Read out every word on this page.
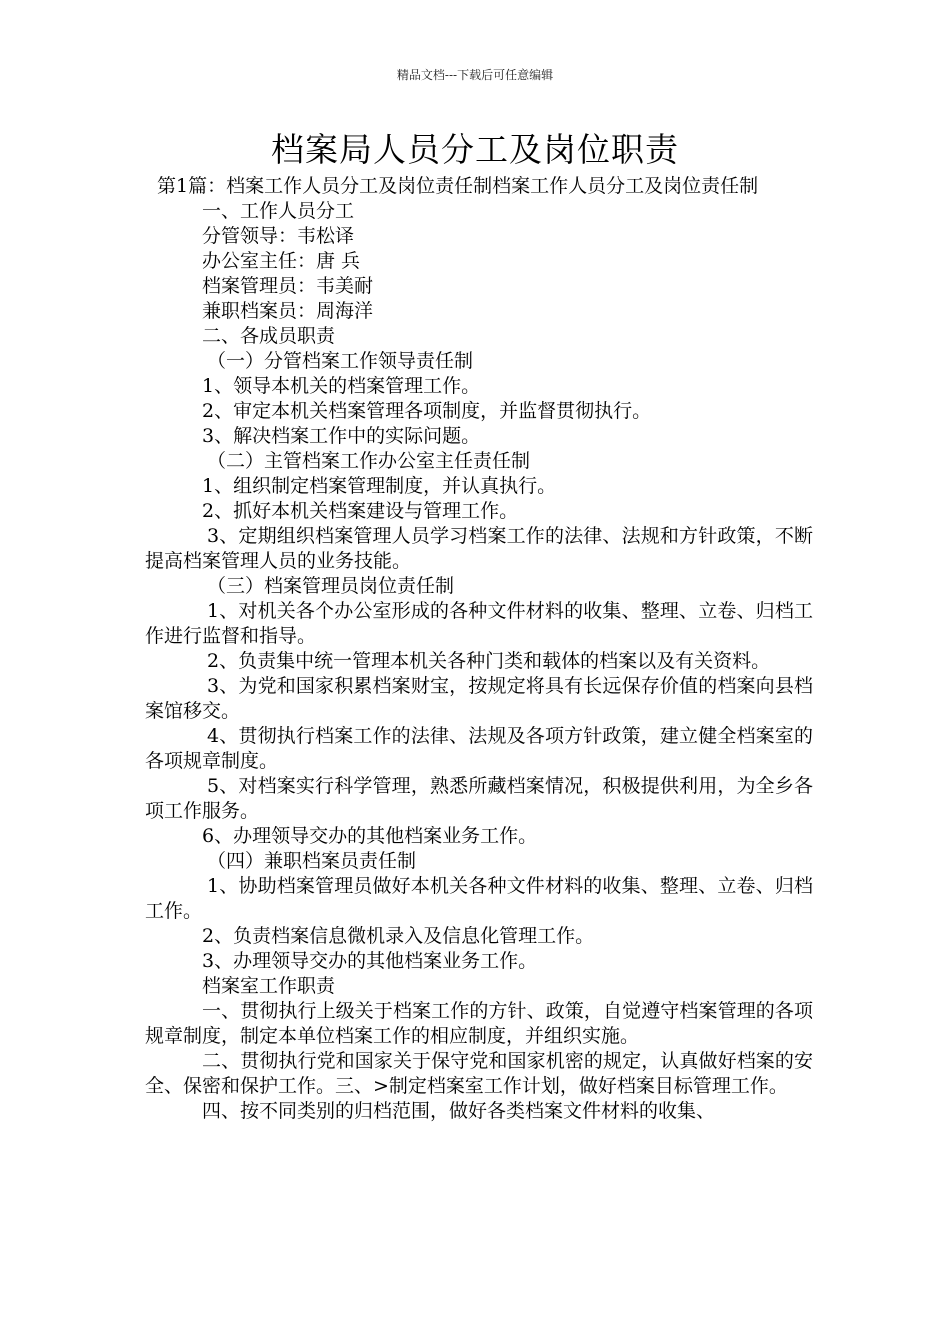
精品文档---下载后可任意编辑
档案局人员分工及岗位职责

第1篇：档案工作人员分工及岗位责任制档案工作人员分工及岗位责任制

一、工作人员分工

分管领导：韦松译

办公室主任：唐 兵

档案管理员：韦美耐

兼职档案员：周海洋

二、各成员职责

（一）分管档案工作领导责任制

1、领导本机关的档案管理工作。

2、审定本机关档案管理各项制度，并监督贯彻执行。

3、解决档案工作中的实际问题。

（二）主管档案工作办公室主任责任制

1、组织制定档案管理制度，并认真执行。

2、抓好本机关档案建设与管理工作。

3、定期组织档案管理人员学习档案工作的法律、法规和方针政策，不断提高档案管理人员的业务技能。

（三）档案管理员岗位责任制

1、对机关各个办公室形成的各种文件材料的收集、整理、立卷、归档工作进行监督和指导。

2、负责集中统一管理本机关各种门类和载体的档案以及有关资料。

3、为党和国家积累档案财宝，按规定将具有长远保存价值的档案向县档案馆移交。

4、贯彻执行档案工作的法律、法规及各项方针政策，建立健全档案室的各项规章制度。

5、对档案实行科学管理，熟悉所藏档案情况，积极提供利用，为全乡各项工作服务。

6、办理领导交办的其他档案业务工作。

（四）兼职档案员责任制

1、协助档案管理员做好本机关各种文件材料的收集、整理、立卷、归档工作。

2、负责档案信息微机录入及信息化管理工作。

3、办理领导交办的其他档案业务工作。

档案室工作职责

一、贯彻执行上级关于档案工作的方针、政策，自觉遵守档案管理的各项规章制度，制定本单位档案工作的相应制度，并组织实施。

二、贯彻执行党和国家关于保守党和国家机密的规定，认真做好档案的安全、保密和保护工作。三、>制定档案室工作计划，做好档案目标管理工作。

四、按不同类别的归档范围，做好各类档案文件材料的收集、
